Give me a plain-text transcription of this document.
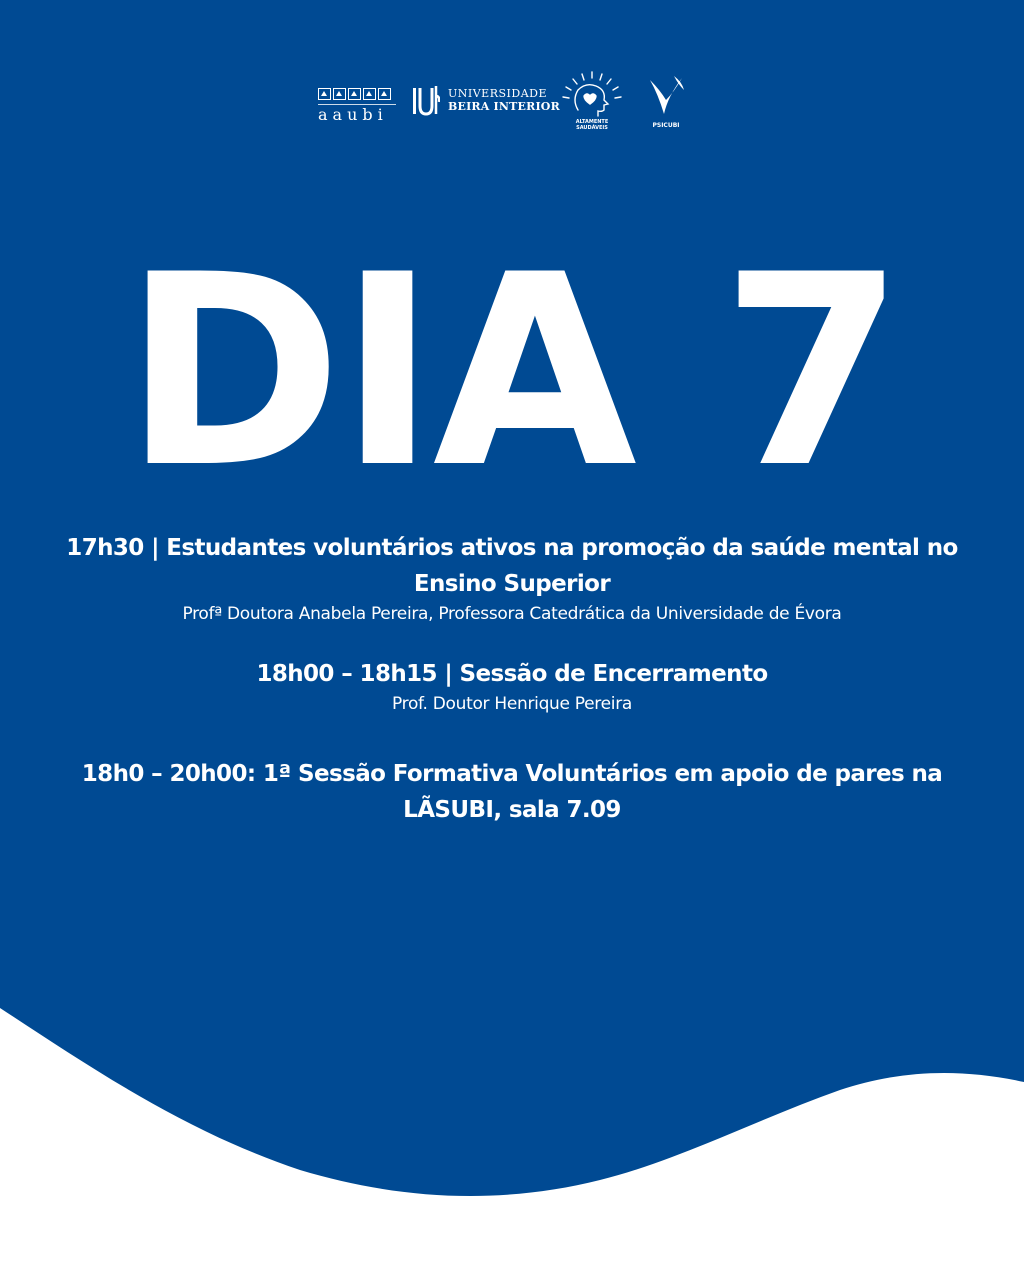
aaubi
UNIVERSIDADE
BEIRA INTERIOR
ALTAMENTE
SAUDÁVEIS	PSICUBI
DIA 7
17h30 | Estudantes voluntários ativos na promoção da saúde mental no Ensino Superior
Profª Doutora Anabela Pereira, Professora Catedrática da Universidade de Évora
18h00 – 18h15 | Sessão de Encerramento
Prof. Doutor Henrique Pereira
18h0 – 20h00: 1ª Sessão Formativa Voluntários em apoio de pares na LÃSUBI, sala 7.09
